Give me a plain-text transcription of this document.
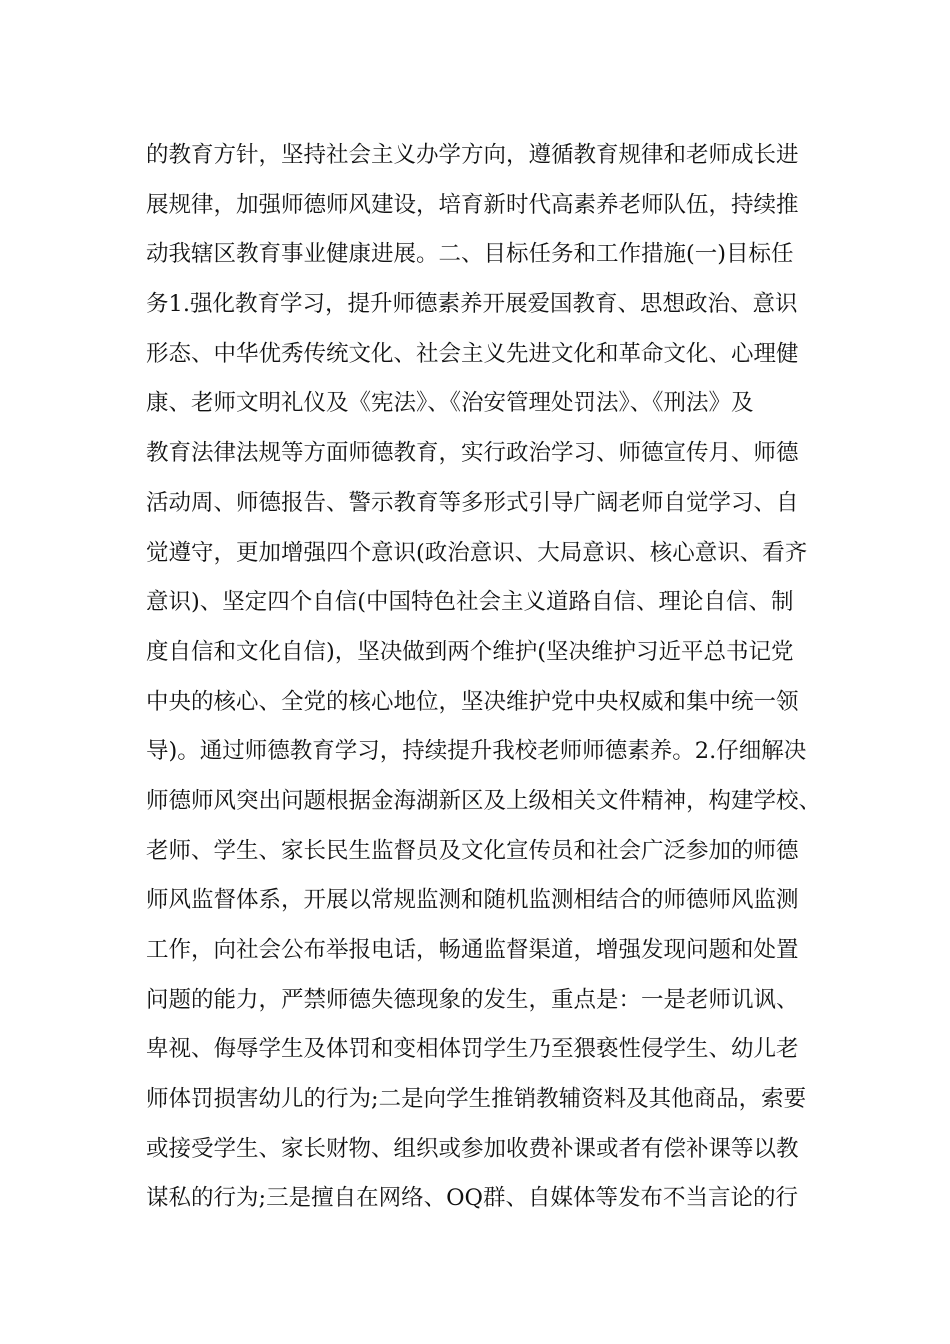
的教育方针，坚持社会主义办学方向，遵循教育规律和老师成长进
展规律，加强师德师风建设，培育新时代高素养老师队伍，持续推
动我辖区教育事业健康进展。二、目标任务和工作措施(一)目标任
务1.强化教育学习，提升师德素养开展爱国教育、思想政治、意识
形态、中华优秀传统文化、社会主义先进文化和革命文化、心理健
康、老师文明礼仪及《宪法》、《治安管理处罚法》、《刑法》及
教育法律法规等方面师德教育，实行政治学习、师德宣传月、师德
活动周、师德报告、警示教育等多形式引导广阔老师自觉学习、自
觉遵守，更加增强四个意识(政治意识、大局意识、核心意识、看齐
意识)、坚定四个自信(中国特色社会主义道路自信、理论自信、制
度自信和文化自信)，坚决做到两个维护(坚决维护习近平总书记党
中央的核心、全党的核心地位，坚决维护党中央权威和集中统一领
导)。通过师德教育学习，持续提升我校老师师德素养。2.仔细解决
师德师风突出问题根据金海湖新区及上级相关文件精神，构建学校、
老师、学生、家长民生监督员及文化宣传员和社会广泛参加的师德
师风监督体系，开展以常规监测和随机监测相结合的师德师风监测
工作，向社会公布举报电话，畅通监督渠道，增强发现问题和处置
问题的能力，严禁师德失德现象的发生，重点是：一是老师讥讽、
卑视、侮辱学生及体罚和变相体罚学生乃至猥亵性侵学生、幼儿老
师体罚损害幼儿的行为;二是向学生推销教辅资料及其他商品，索要
或接受学生、家长财物、组织或参加收费补课或者有偿补课等以教
谋私的行为;三是擅自在网络、OQ群、自媒体等发布不当言论的行
